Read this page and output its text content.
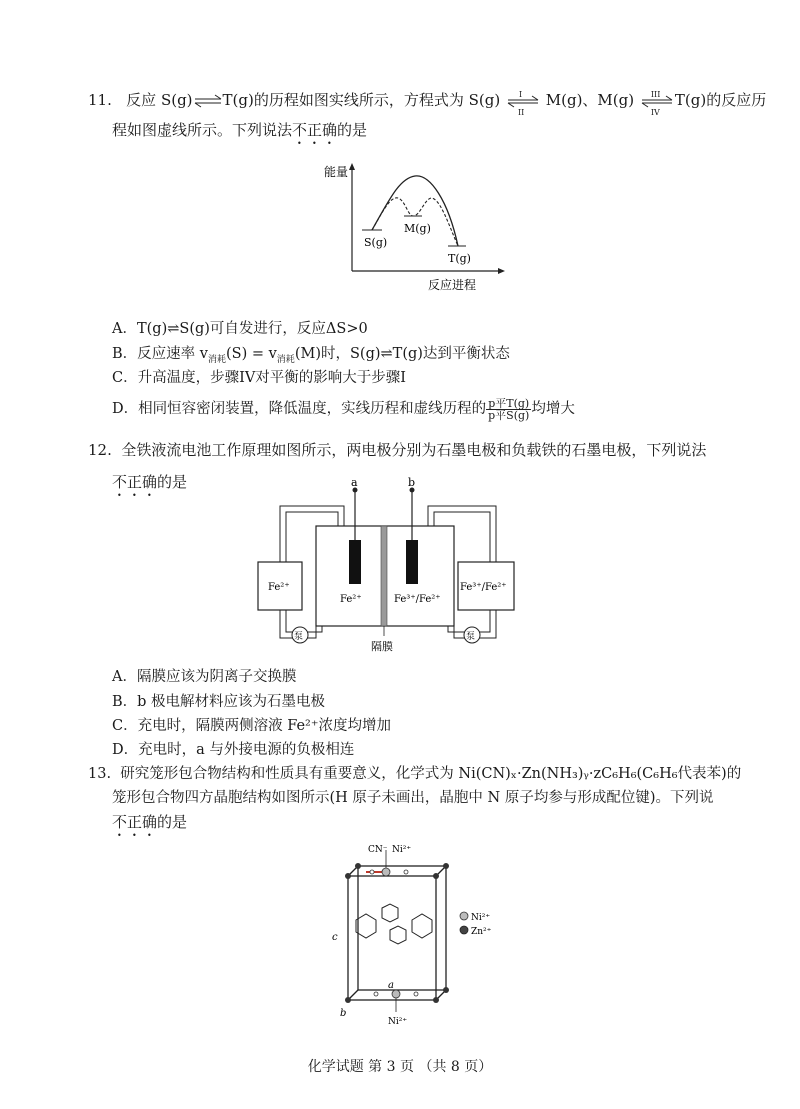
11. 反应 S(g)⇌T(g)的历程如图实线所示，方程式为 S(g) I
II
M(g)、M(g) III
IV
T(g)的反应历
程如图虚线所示。下列说法不正确的是
能量
S(g)
M(g)
T(g)
反应进程
A．T(g)⇌S(g)可自发进行，反应ΔS>0
B．反应速率 $v_{消耗}(S) = v_{消耗}(M)$时，S(g)⇌T(g)达到平衡状态
C．升高温度，步骤IV对平衡的影响大于步骤I
D．相同恒容密闭装置，降低温度，实线历程和虚线历程的 $\frac{\text{p平T(g)}}{\text{p平S(g)}}$ 均增大
12. 全铁液流电池工作原理如图所示，两电极分别为石墨电极和负载铁的石墨电极，下列说法
不正确的是	a	b
Fe²⁺	Fe³⁺/Fe²⁺
Fe²⁺	Fe³⁺/Fe²⁺
泵	泵
隔膜
A．隔膜应该为阴离子交换膜
B．b 极电解材料应该为石墨电极
C．充电时，隔膜两侧溶液 Fe²⁺浓度均增加
D．充电时，a 与外接电源的负极相连
13. 研究笼形包合物结构和性质具有重要意义，化学式为 Ni(CN)ₓ·Zn(NH₃)ᵧ·zC₆H₆(C₆H₆代表苯)的
笼形包合物四方晶胞结构如图所示(H 原子未画出，晶胞中 N 原子均参与形成配位键)。下列说
不正确的是
CN⁻ Ni²⁺
Ni²⁺
c
a
b
Ni²⁺
Zn²⁺
化学试题 第 3 页 （共 8 页）
